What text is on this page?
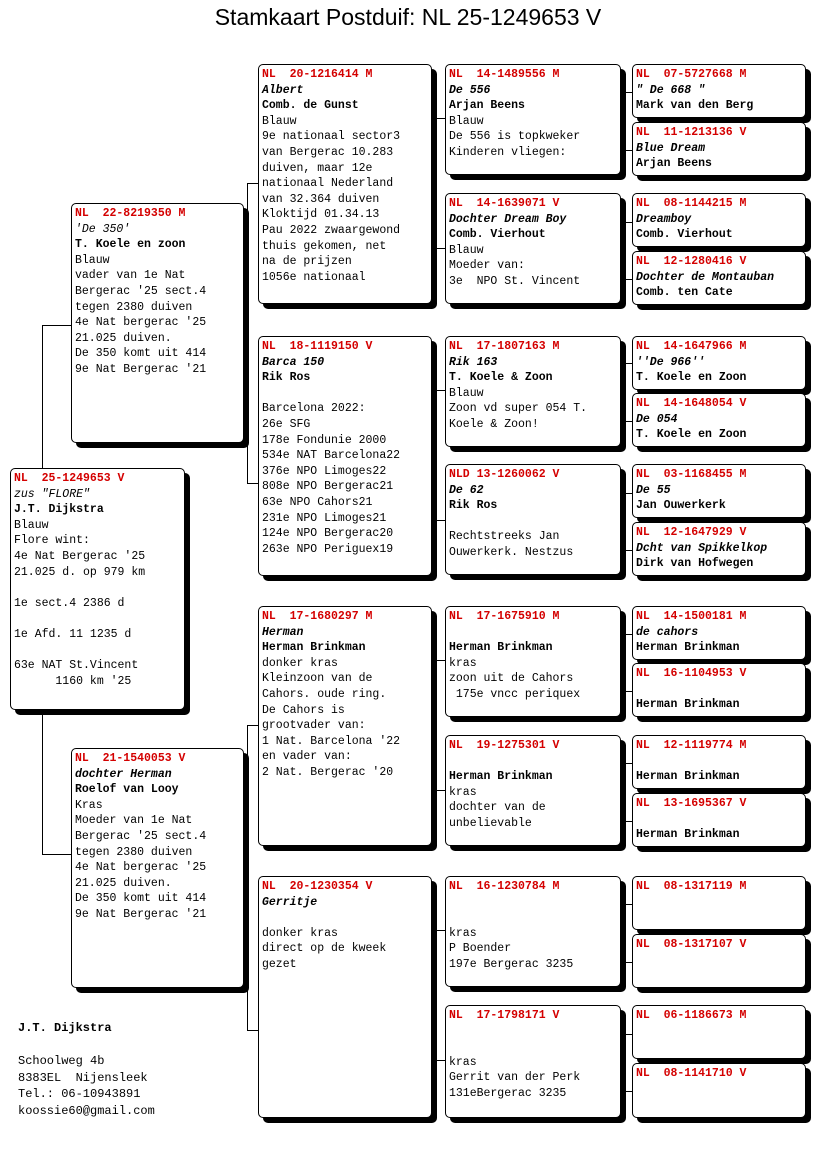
Stamkaart Postduif: NL 25-1249653 V
NL  25-1249653 V
zus "FLORE"
J.T. Dijkstra
Blauw
Flore wint:
4e Nat Bergerac '25
21.025 d. op 979 km

1e sect.4 2386 d

1e Afd. 11 1235 d

63e NAT St.Vincent
1160 km '25
NL  22-8219350 M
'De 350'
T. Koele en zoon
Blauw
vader van 1e Nat
Bergerac '25 sect.4
tegen 2380 duiven
4e Nat bergerac '25
21.025 duiven.
De 350 komt uit 414
9e Nat Bergerac '21
NL  21-1540053 V
dochter Herman
Roelof van Looy
Kras
Moeder van 1e Nat
Bergerac '25 sect.4
tegen 2380 duiven
4e Nat bergerac '25
21.025 duiven.
De 350 komt uit 414
9e Nat Bergerac '21
NL  20-1216414 M
Albert
Comb. de Gunst
Blauw
9e nationaal sector3
van Bergerac 10.283
duiven, maar 12e
nationaal Nederland
van 32.364 duiven
Kloktijd 01.34.13
Pau 2022 zwaargewond
thuis gekomen, net
na de prijzen
1056e nationaal
NL  18-1119150 V
Barca 150
Rik Ros

Barcelona 2022:
26e SFG
178e Fondunie 2000
534e NAT Barcelona22
376e NPO Limoges22
808e NPO Bergerac21
63e NPO Cahors21
231e NPO Limoges21
124e NPO Bergerac20
263e NPO Periguex19
NL  17-1680297 M
Herman
Herman Brinkman
donker kras
Kleinzoon van de
Cahors. oude ring.
De Cahors is
grootvader van:
1 Nat. Barcelona '22
en vader van:
2 Nat. Bergerac '20
NL  20-1230354 V
Gerritje

donker kras
direct op de kweek
gezet
NL  14-1489556 M
De 556
Arjan Beens
Blauw
De 556 is topkweker
Kinderen vliegen:
NL  14-1639071 V
Dochter Dream Boy
Comb. Vierhout
Blauw
Moeder van:
3e  NPO St. Vincent
NL  17-1807163 M
Rik 163
T. Koele & Zoon
Blauw
Zoon vd super 054 T.
Koele & Zoon!
NLD 13-1260062 V
De 62
Rik Ros

Rechtstreeks Jan
Ouwerkerk. Nestzus
NL  17-1675910 M

Herman Brinkman
kras
zoon uit de Cahors
175e vncc periquex
NL  19-1275301 V

Herman Brinkman
kras
dochter van de
unbelievable
NL  16-1230784 M

kras
P Boender
197e Bergerac 3235
NL  17-1798171 V

kras
Gerrit van der Perk
131eBergerac 3235
NL  07-5727668 M
" De 668 "
Mark van den Berg
NL  11-1213136 V
Blue Dream
Arjan Beens
NL  08-1144215 M
Dreamboy
Comb. Vierhout
NL  12-1280416 V
Dochter de Montauban
Comb. ten Cate
NL  14-1647966 M
''De 966''
T. Koele en Zoon
NL  14-1648054 V
De 054
T. Koele en Zoon
NL  03-1168455 M
De 55
Jan Ouwerkerk
NL  12-1647929 V
Dcht van Spikkelkop
Dirk van Hofwegen
NL  14-1500181 M
de cahors
Herman Brinkman
NL  16-1104953 V

Herman Brinkman
NL  12-1119774 M

Herman Brinkman
NL  13-1695367 V

Herman Brinkman
NL  08-1317119 M
NL  08-1317107 V
NL  06-1186673 M
NL  08-1141710 V
J.T. Dijkstra

Schoolweg 4b
8383EL  Nijensleek
Tel.: 06-10943891
koossie60@gmail.com
